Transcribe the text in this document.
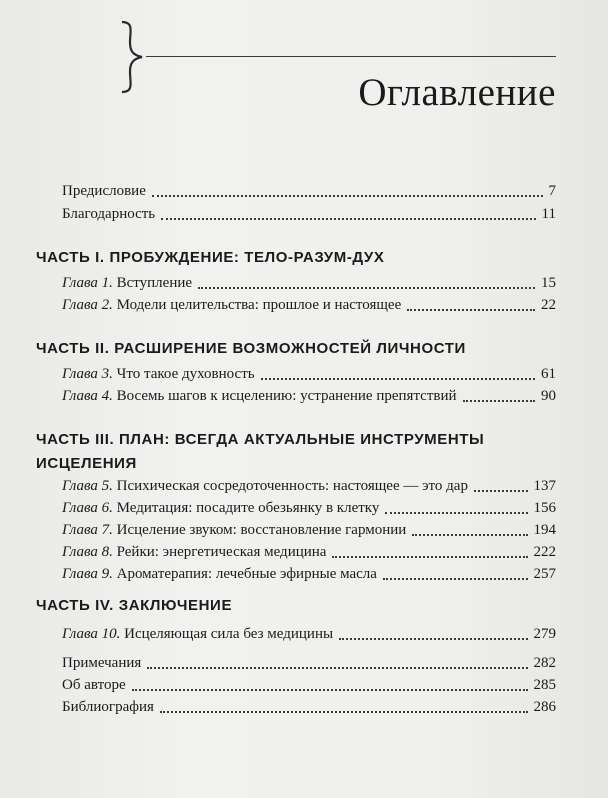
Оглавление
Предисловие	7
Благодарность	11
ЧАСТЬ I. ПРОБУЖДЕНИЕ: ТЕЛО-РАЗУМ-ДУХ
Глава 1. Вступление	15
Глава 2. Модели целительства: прошлое и настоящее	22
ЧАСТЬ II. РАСШИРЕНИЕ ВОЗМОЖНОСТЕЙ ЛИЧНОСТИ
Глава 3. Что такое духовность	61
Глава 4. Восемь шагов к исцелению: устранение препятствий	90
ЧАСТЬ III. ПЛАН: ВСЕГДА АКТУАЛЬНЫЕ ИНСТРУМЕНТЫ
ИСЦЕЛЕНИЯ
Глава 5. Психическая сосредоточенность: настоящее — это дар	137
Глава 6. Медитация: посадите обезьянку в клетку	156
Глава 7. Исцеление звуком: восстановление гармонии	194
Глава 8. Рейки: энергетическая медицина	222
Глава 9. Ароматерапия: лечебные эфирные масла	257
ЧАСТЬ IV. ЗАКЛЮЧЕНИЕ
Глава 10. Исцеляющая сила без медицины	279
Примечания	282
Об авторе	285
Библиография	286
